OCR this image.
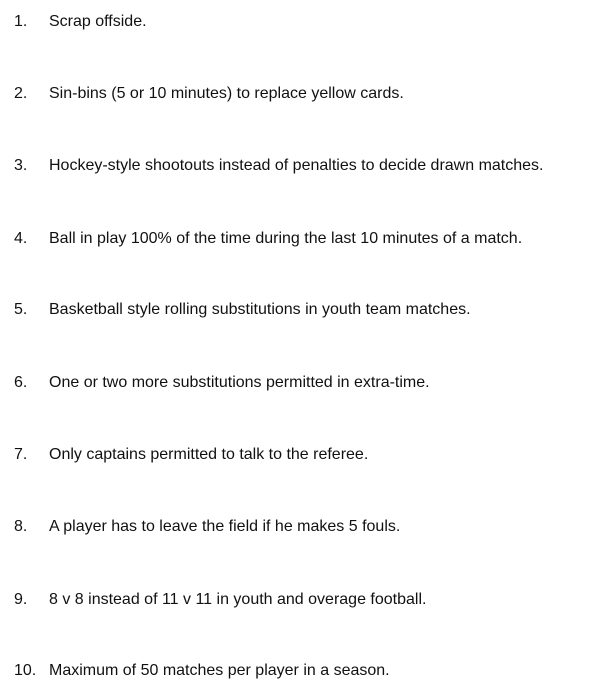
1. Scrap offside.
2. Sin-bins (5 or 10 minutes) to replace yellow cards.
3. Hockey-style shootouts instead of penalties to decide drawn matches.
4. Ball in play 100% of the time during the last 10 minutes of a match.
5. Basketball style rolling substitutions in youth team matches.
6. One or two more substitutions permitted in extra-time.
7. Only captains permitted to talk to the referee.
8. A player has to leave the field if he makes 5 fouls.
9. 8 v 8 instead of 11 v 11 in youth and overage football.
10. Maximum of 50 matches per player in a season.
